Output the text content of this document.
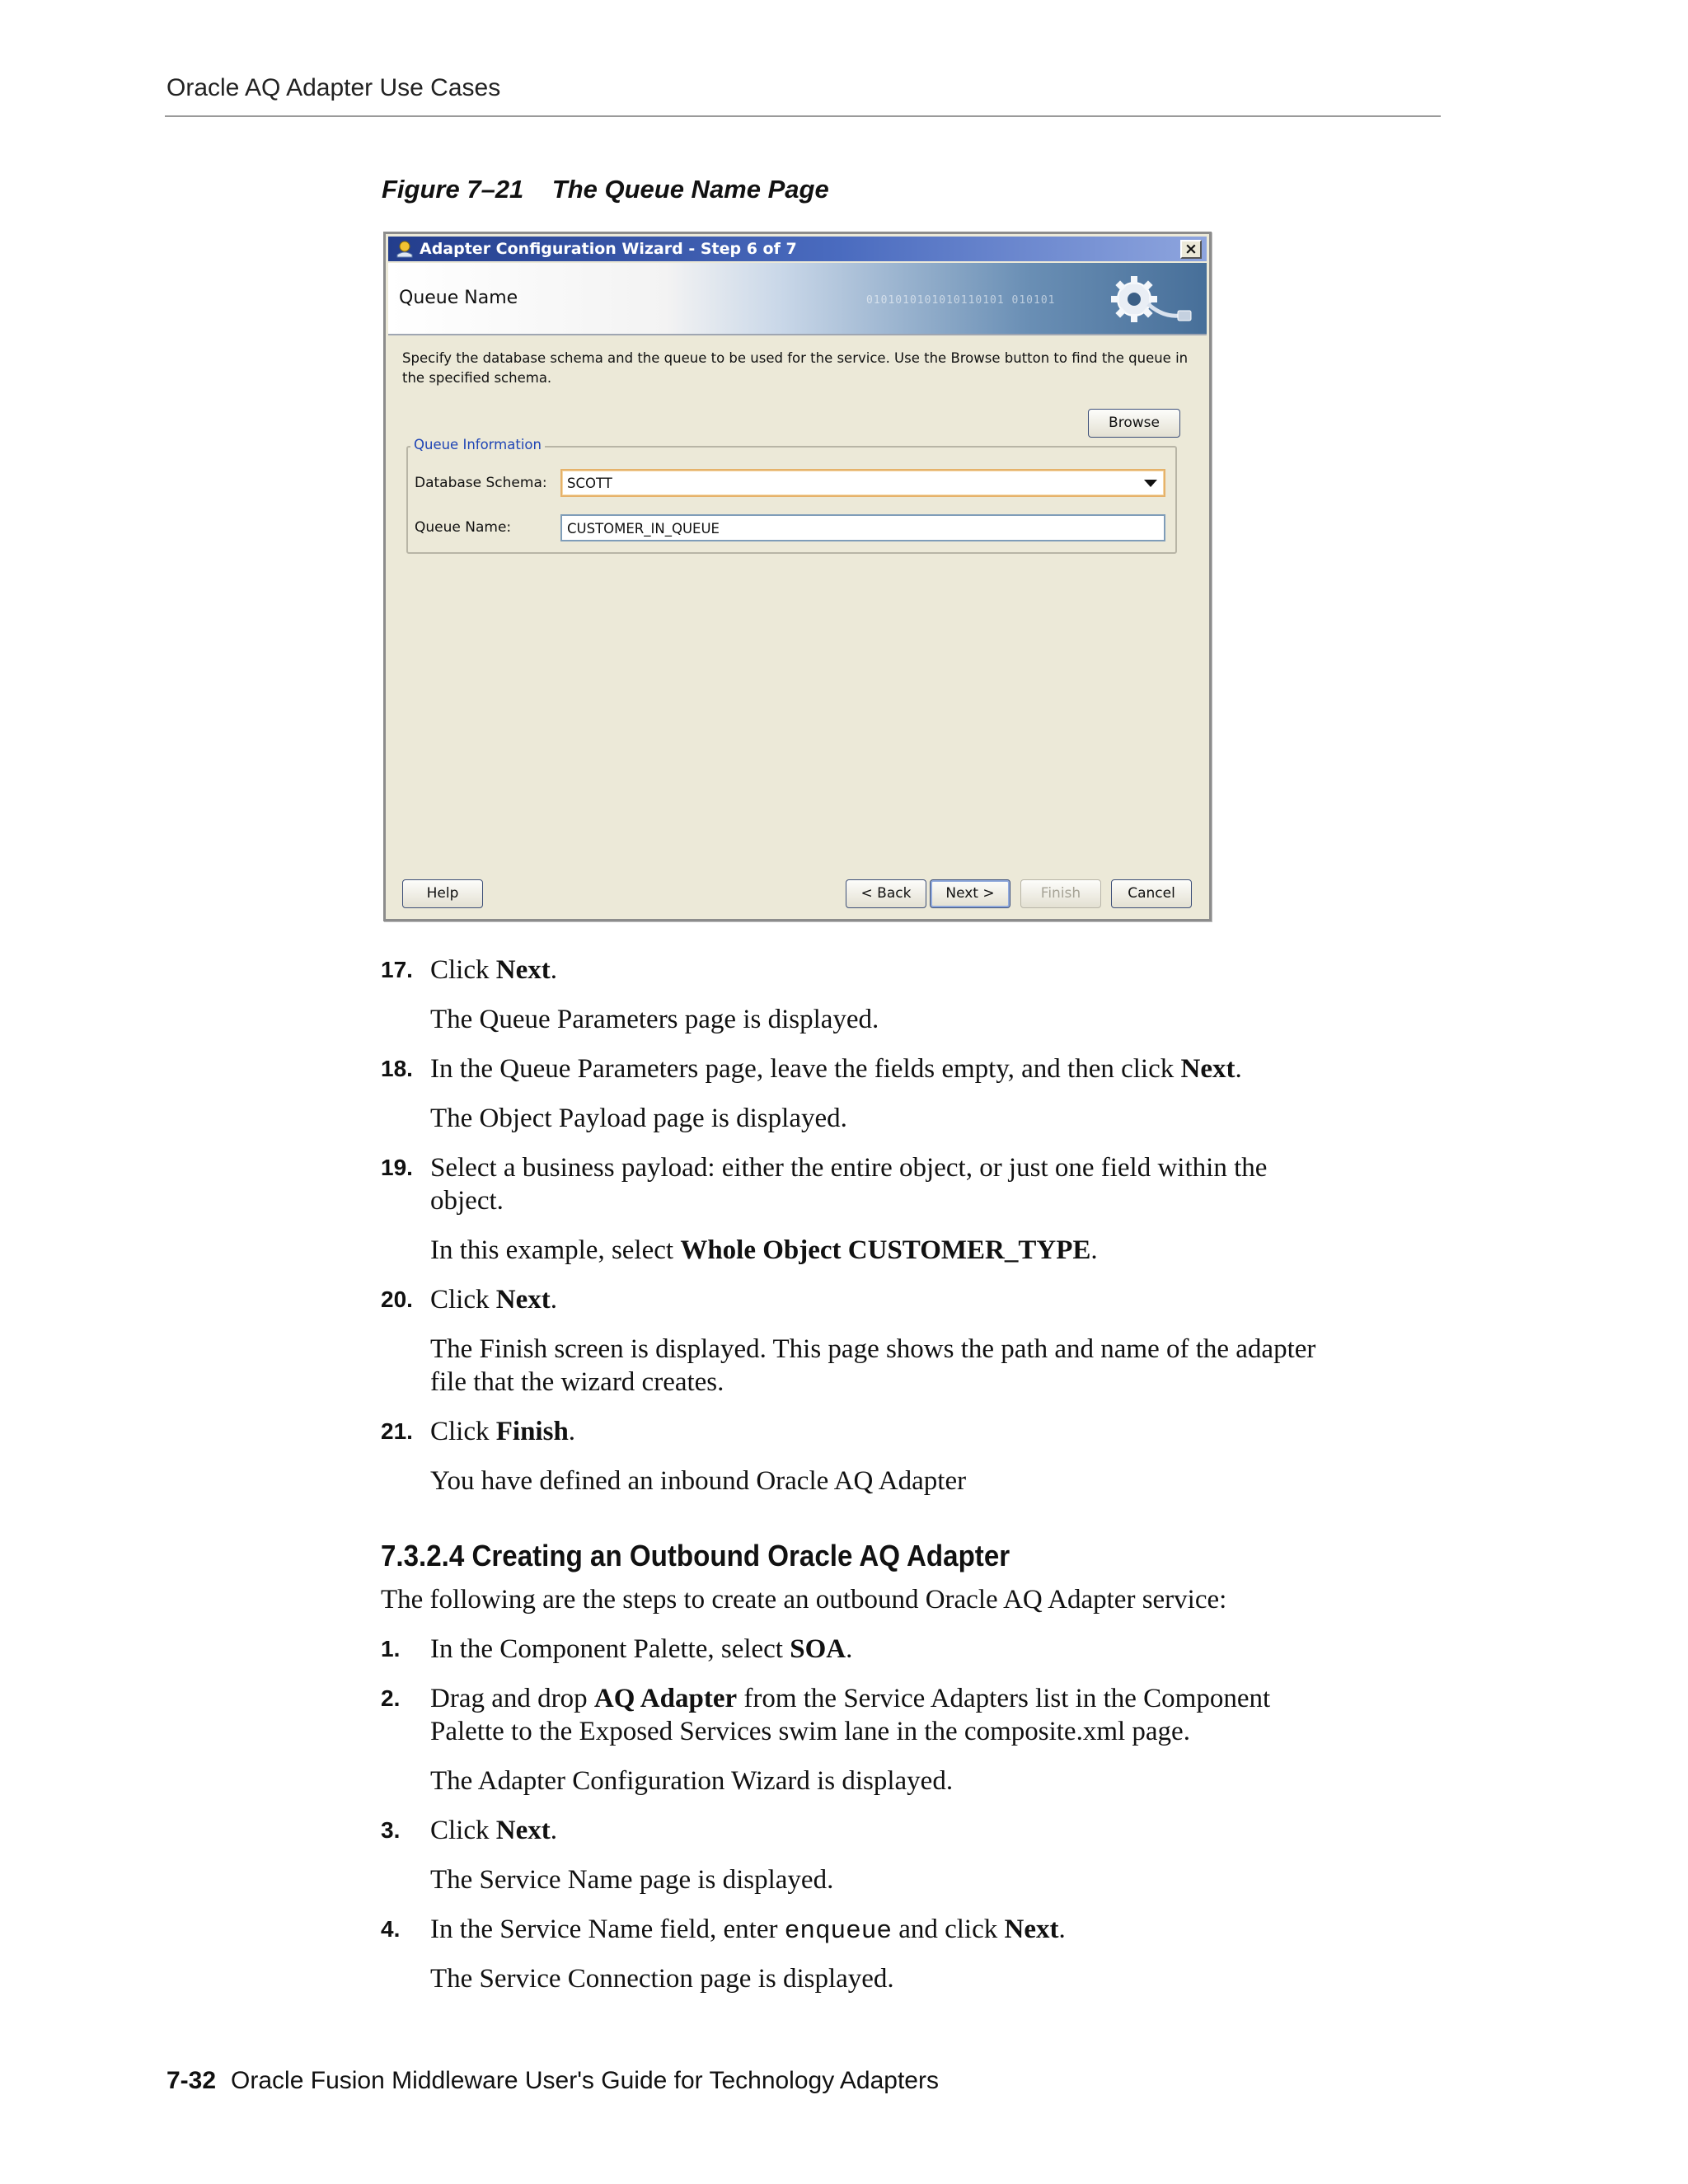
Oracle AQ Adapter Use Cases
Figure 7–21    The Queue Name Page
Adapter Configuration Wizard - Step 6 of 7	×
Queue Name	0101010101010110101 010101
Specify the database schema and the queue to be used for the service. Use the Browse button to find the queue in the specified schema.
Browse
Queue Information
Database Schema: SCOTT
Queue Name:	CUSTOMER_IN_QUEUE
Help	< Back	Next >	Finish	Cancel
17. Click Next.
The Queue Parameters page is displayed.
18. In the Queue Parameters page, leave the fields empty, and then click Next.
The Object Payload page is displayed.
19. Select a business payload: either the entire object, or just one field within the
object.
In this example, select Whole Object CUSTOMER_TYPE.
20. Click Next.
The Finish screen is displayed. This page shows the path and name of the adapter
file that the wizard creates.
21. Click Finish.
You have defined an inbound Oracle AQ Adapter
7.3.2.4 Creating an Outbound Oracle AQ Adapter
The following are the steps to create an outbound Oracle AQ Adapter service:
1. In the Component Palette, select SOA.
2. Drag and drop AQ Adapter from the Service Adapters list in the Component
Palette to the Exposed Services swim lane in the composite.xml page.
The Adapter Configuration Wizard is displayed.
3. Click Next.
The Service Name page is displayed.
4. In the Service Name field, enter enqueue and click Next.
The Service Connection page is displayed.
7-32 Oracle Fusion Middleware User's Guide for Technology Adapters
